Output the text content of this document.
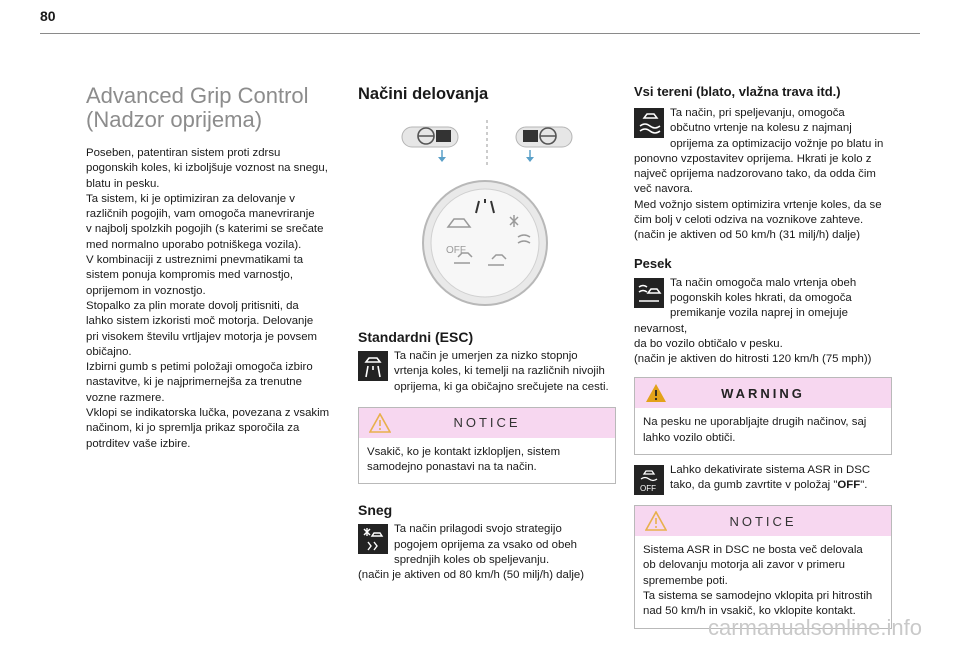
80
Advanced Grip Control
(Nadzor oprijema)

Poseben, patentiran sistem proti zdrsu
pogonskih koles, ki izboljšuje voznost na snegu,
blatu in pesku.
Ta sistem, ki je optimiziran za delovanje v
različnih pogojih, vam omogoča manevriranje
v najbolj spolzkih pogojih (s katerimi se srečate
med normalno uporabo potniškega vozila).
V kombinaciji z ustreznimi pnevmatikami ta
sistem ponuja kompromis med varnostjo,
oprijemom in voznostjo.
Stopalko za plin morate dovolj pritisniti, da
lahko sistem izkoristi moč motorja. Delovanje
pri visokem številu vrtljajev motorja je povsem
običajno.
Izbirni gumb s petimi položaji omogoča izbiro
nastavitve, ki je najprimernejša za trenutne
vozne razmere.
Vklopi se indikatorska lučka, povezana z vsakim
načinom, ki jo spremlja prikaz sporočila za
potrditev vaše izbire.

Načini delovanja
OFF
Standardni (ESC)

Ta način je umerjen za nizko stopnjo
vrtenja koles, ki temelji na različnih nivojih
oprijema, ki ga običajno srečujete na cesti.

NOTICE
Vsakič, ko je kontakt izklopljen, sistem
samodejno ponastavi na ta način.
Sneg

Ta način prilagodi svojo strategijo
pogojem oprijema za vsako od obeh
sprednjih koles ob speljevanju.
(način je aktiven od 80 km/h (50 milj/h) dalje)

Vsi tereni (blato, vlažna trava itd.)

Ta način, pri speljevanju, omogoča
občutno vrtenje na kolesu z najmanj
oprijema za optimizacijo vožnje po blatu in
ponovno vzpostavitev oprijema. Hkrati je kolo z
največ oprijema nadzorovano tako, da odda čim
več navora.
Med vožnjo sistem optimizira vrtenje koles, da se
čim bolj v celoti odziva na voznikove zahteve.
(način je aktiven od 50 km/h (31 milj/h) dalje)

Pesek

Ta način omogoča malo vrtenja obeh
pogonskih koles hkrati, da omogoča
premikanje vozila naprej in omejuje nevarnost,
da bo vozilo obtičalo v pesku.
(način je aktiven do hitrosti 120 km/h (75 mph))

WARNING
Na pesku ne uporabljajte drugih načinov, saj
lahko vozilo obtiči.
OFF

Lahko dekativirate sistema ASR in DSC
tako, da gumb zavrtite v položaj "OFF".

NOTICE
Sistema ASR in DSC ne bosta več delovala
ob delovanju motorja ali zavor v primeru
spremembe poti.
Ta sistema se samodejno vklopita pri hitrostih
nad 50 km/h in vsakič, ko vklopite kontakt.
carmanualsonline.info
